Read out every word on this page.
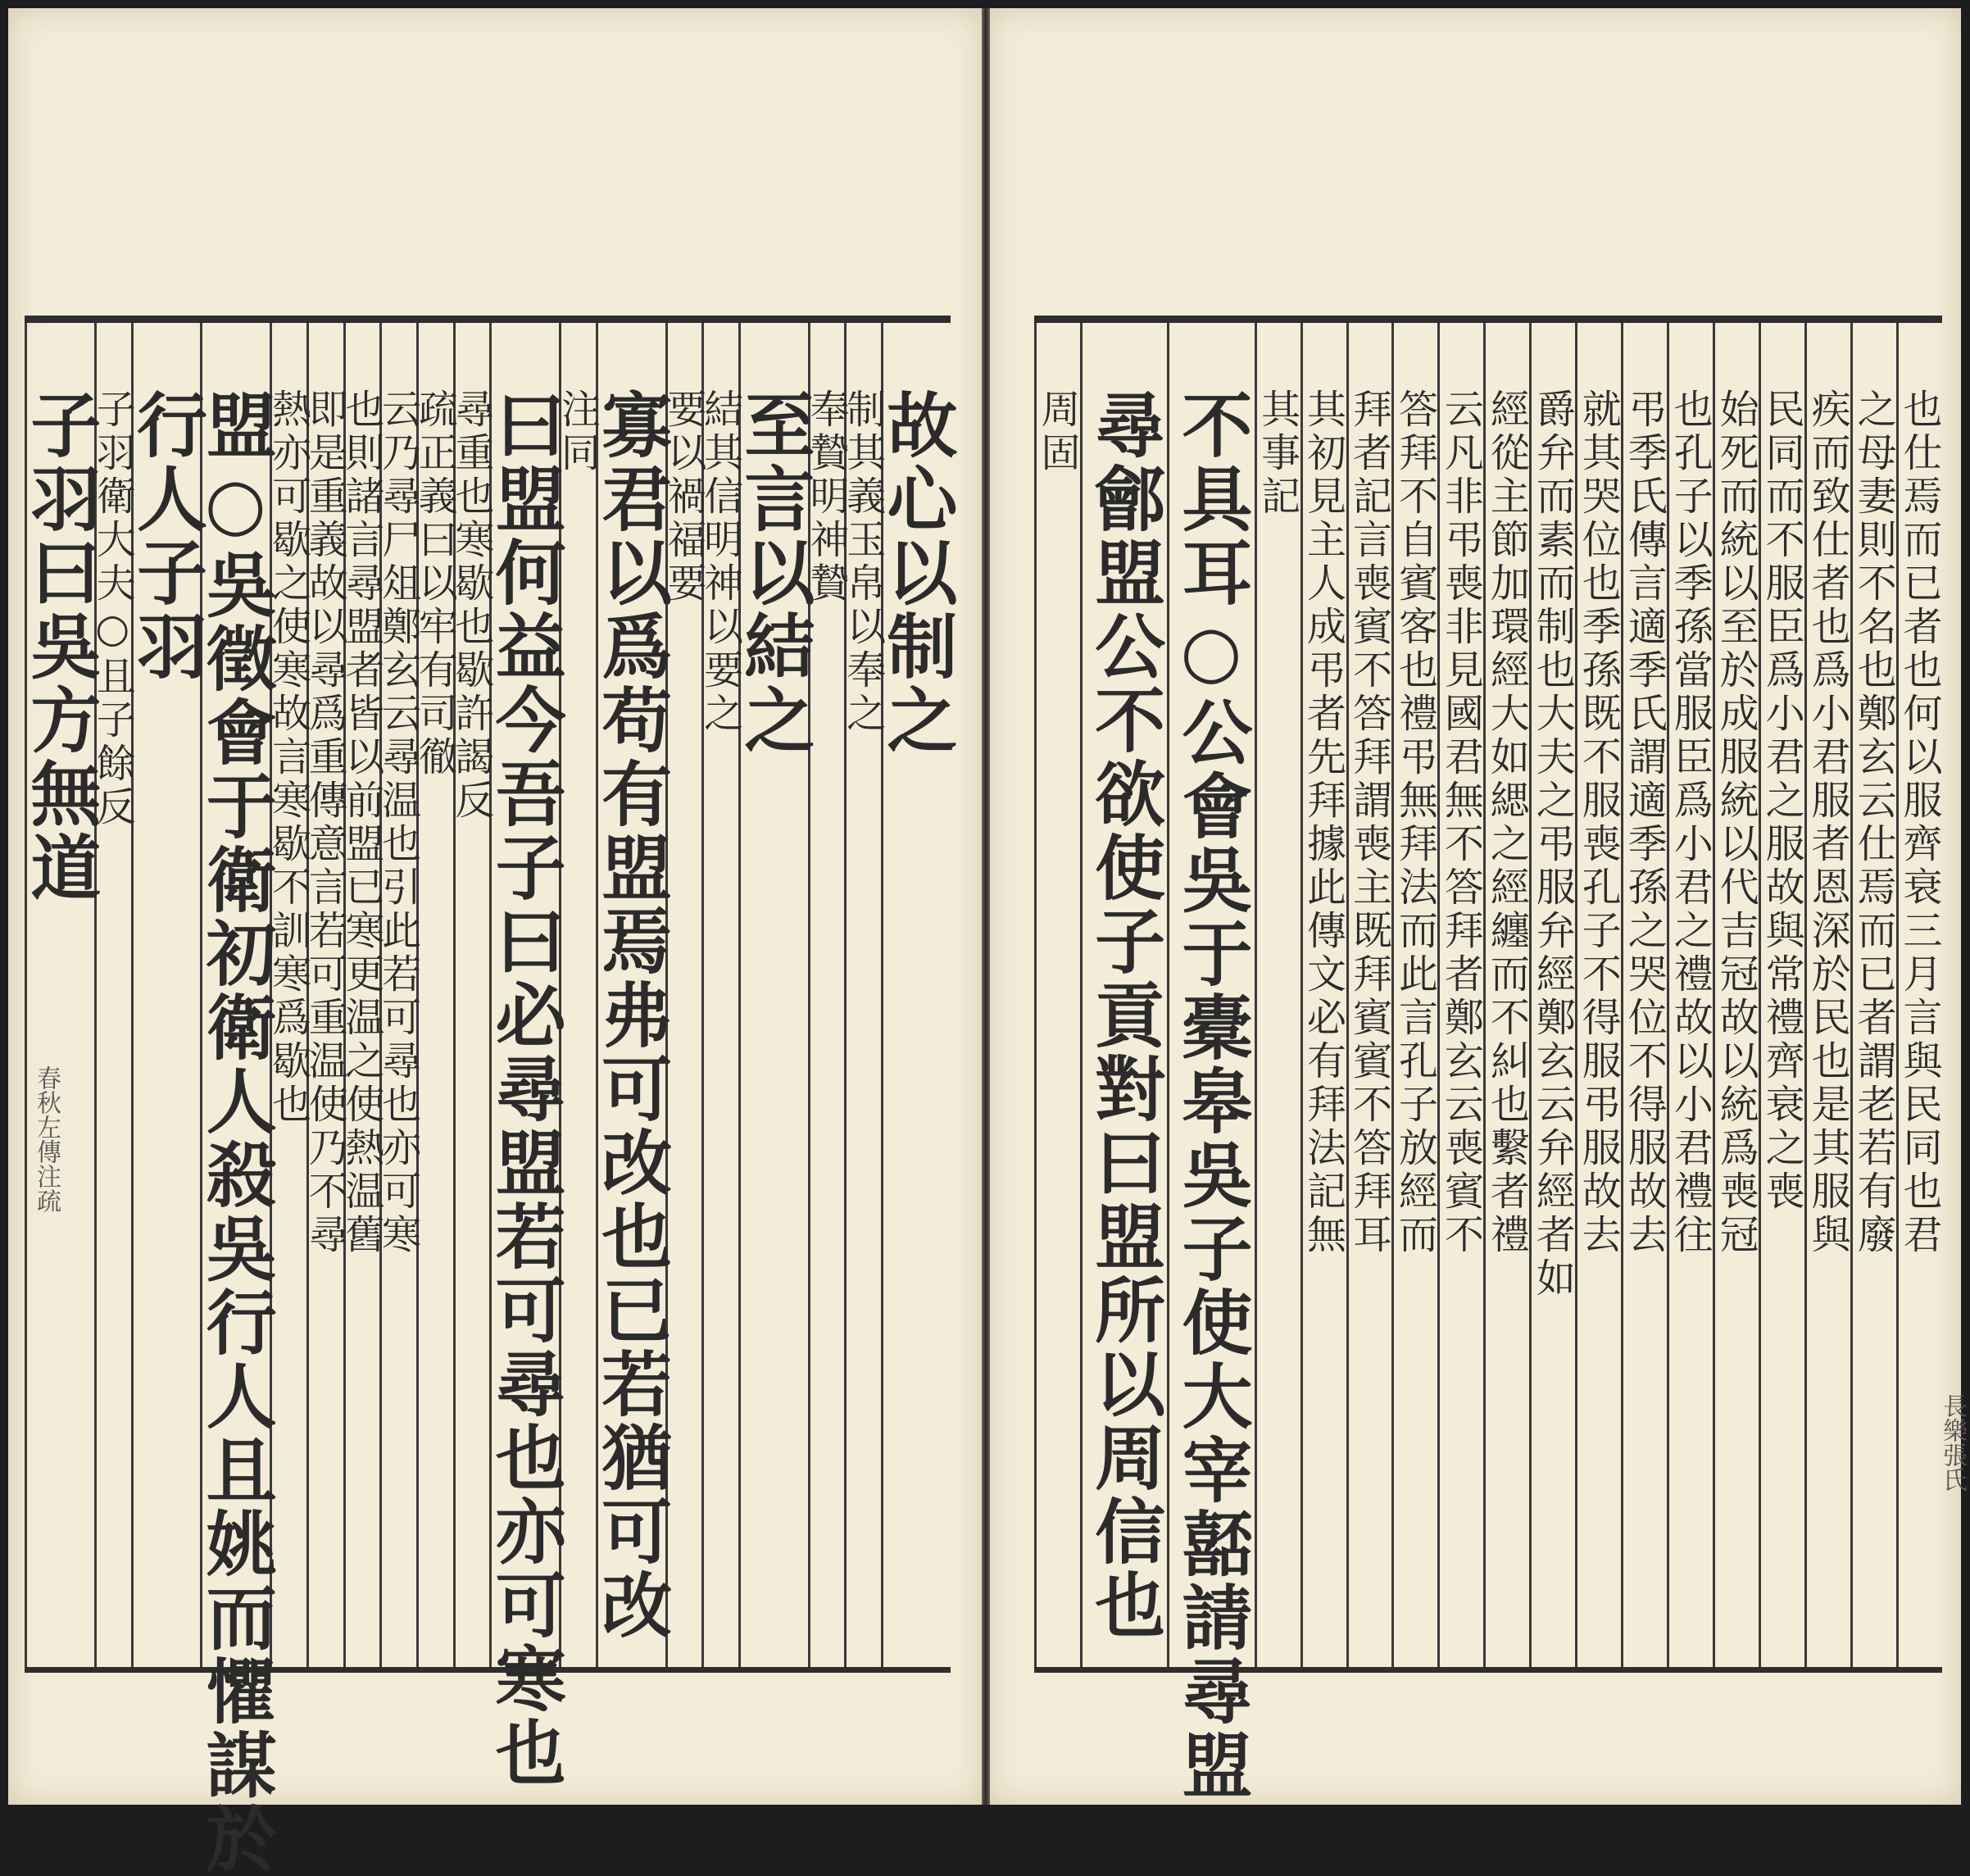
故心以制之
制其義玉帛以奉之
奉贄明神贄
至言以結之
結其信明神以要之
要以禍福要
寡君以爲苟有盟焉弗可改也已若猶可改
注同
曰盟何益今吾子曰必尋盟若可尋也亦可寒也
尋重也寒歇也歇許謁反
疏正義曰以牢有司徹
云乃尋尸俎鄭玄云尋温也引此若可尋也亦可寒
也則諸言尋盟者皆以前盟已寒更温之使熱温舊
即是重義故以尋爲重傳意言若可重温使乃不尋
熱亦可歇之使寒故言寒歇不訓寒爲歇也
盟○吳徵會于衛初衛人殺吳行人且姚而懼謀於
行人子羽
子羽衛大夫○且子餘反
子羽曰吳方無道	也仕焉而已者也何以服齊衰三月言與民同也君
之母妻則不名也鄭玄云仕焉而已者謂老若有廢
疾而致仕者也爲小君服者恩深於民也是其服與
民同而不服臣爲小君之服故與常禮齊衰之喪
始死而統以至於成服統以代吉冠故以統爲喪冠
也孔子以季孫當服臣爲小君之禮故以小君禮往
弔季氏傳言適季氏謂適季孫之哭位不得服故去
就其哭位也季孫既不服喪孔子不得服弔服故去
爵弁而素而制也大夫之弔服弁經鄭玄云弁經者如
經從主節加環經大如緦之經纏而不糾也繫者禮
云凡非弔喪非見國君無不答拜者鄭玄云喪賓不
答拜不自賓客也禮弔無拜法而此言孔子放經而
拜者記言喪賓不答拜謂喪主既拜賓賓不答拜耳
其初見主人成弔者先拜據此傳文必有拜法記無
其事記
不具耳○公會吳于橐皋吳子使大宰嚭請尋盟
尋鄶盟公不欲使子貢對曰盟所以周信也
周固
春秋左傳注疏
長樂張氏
